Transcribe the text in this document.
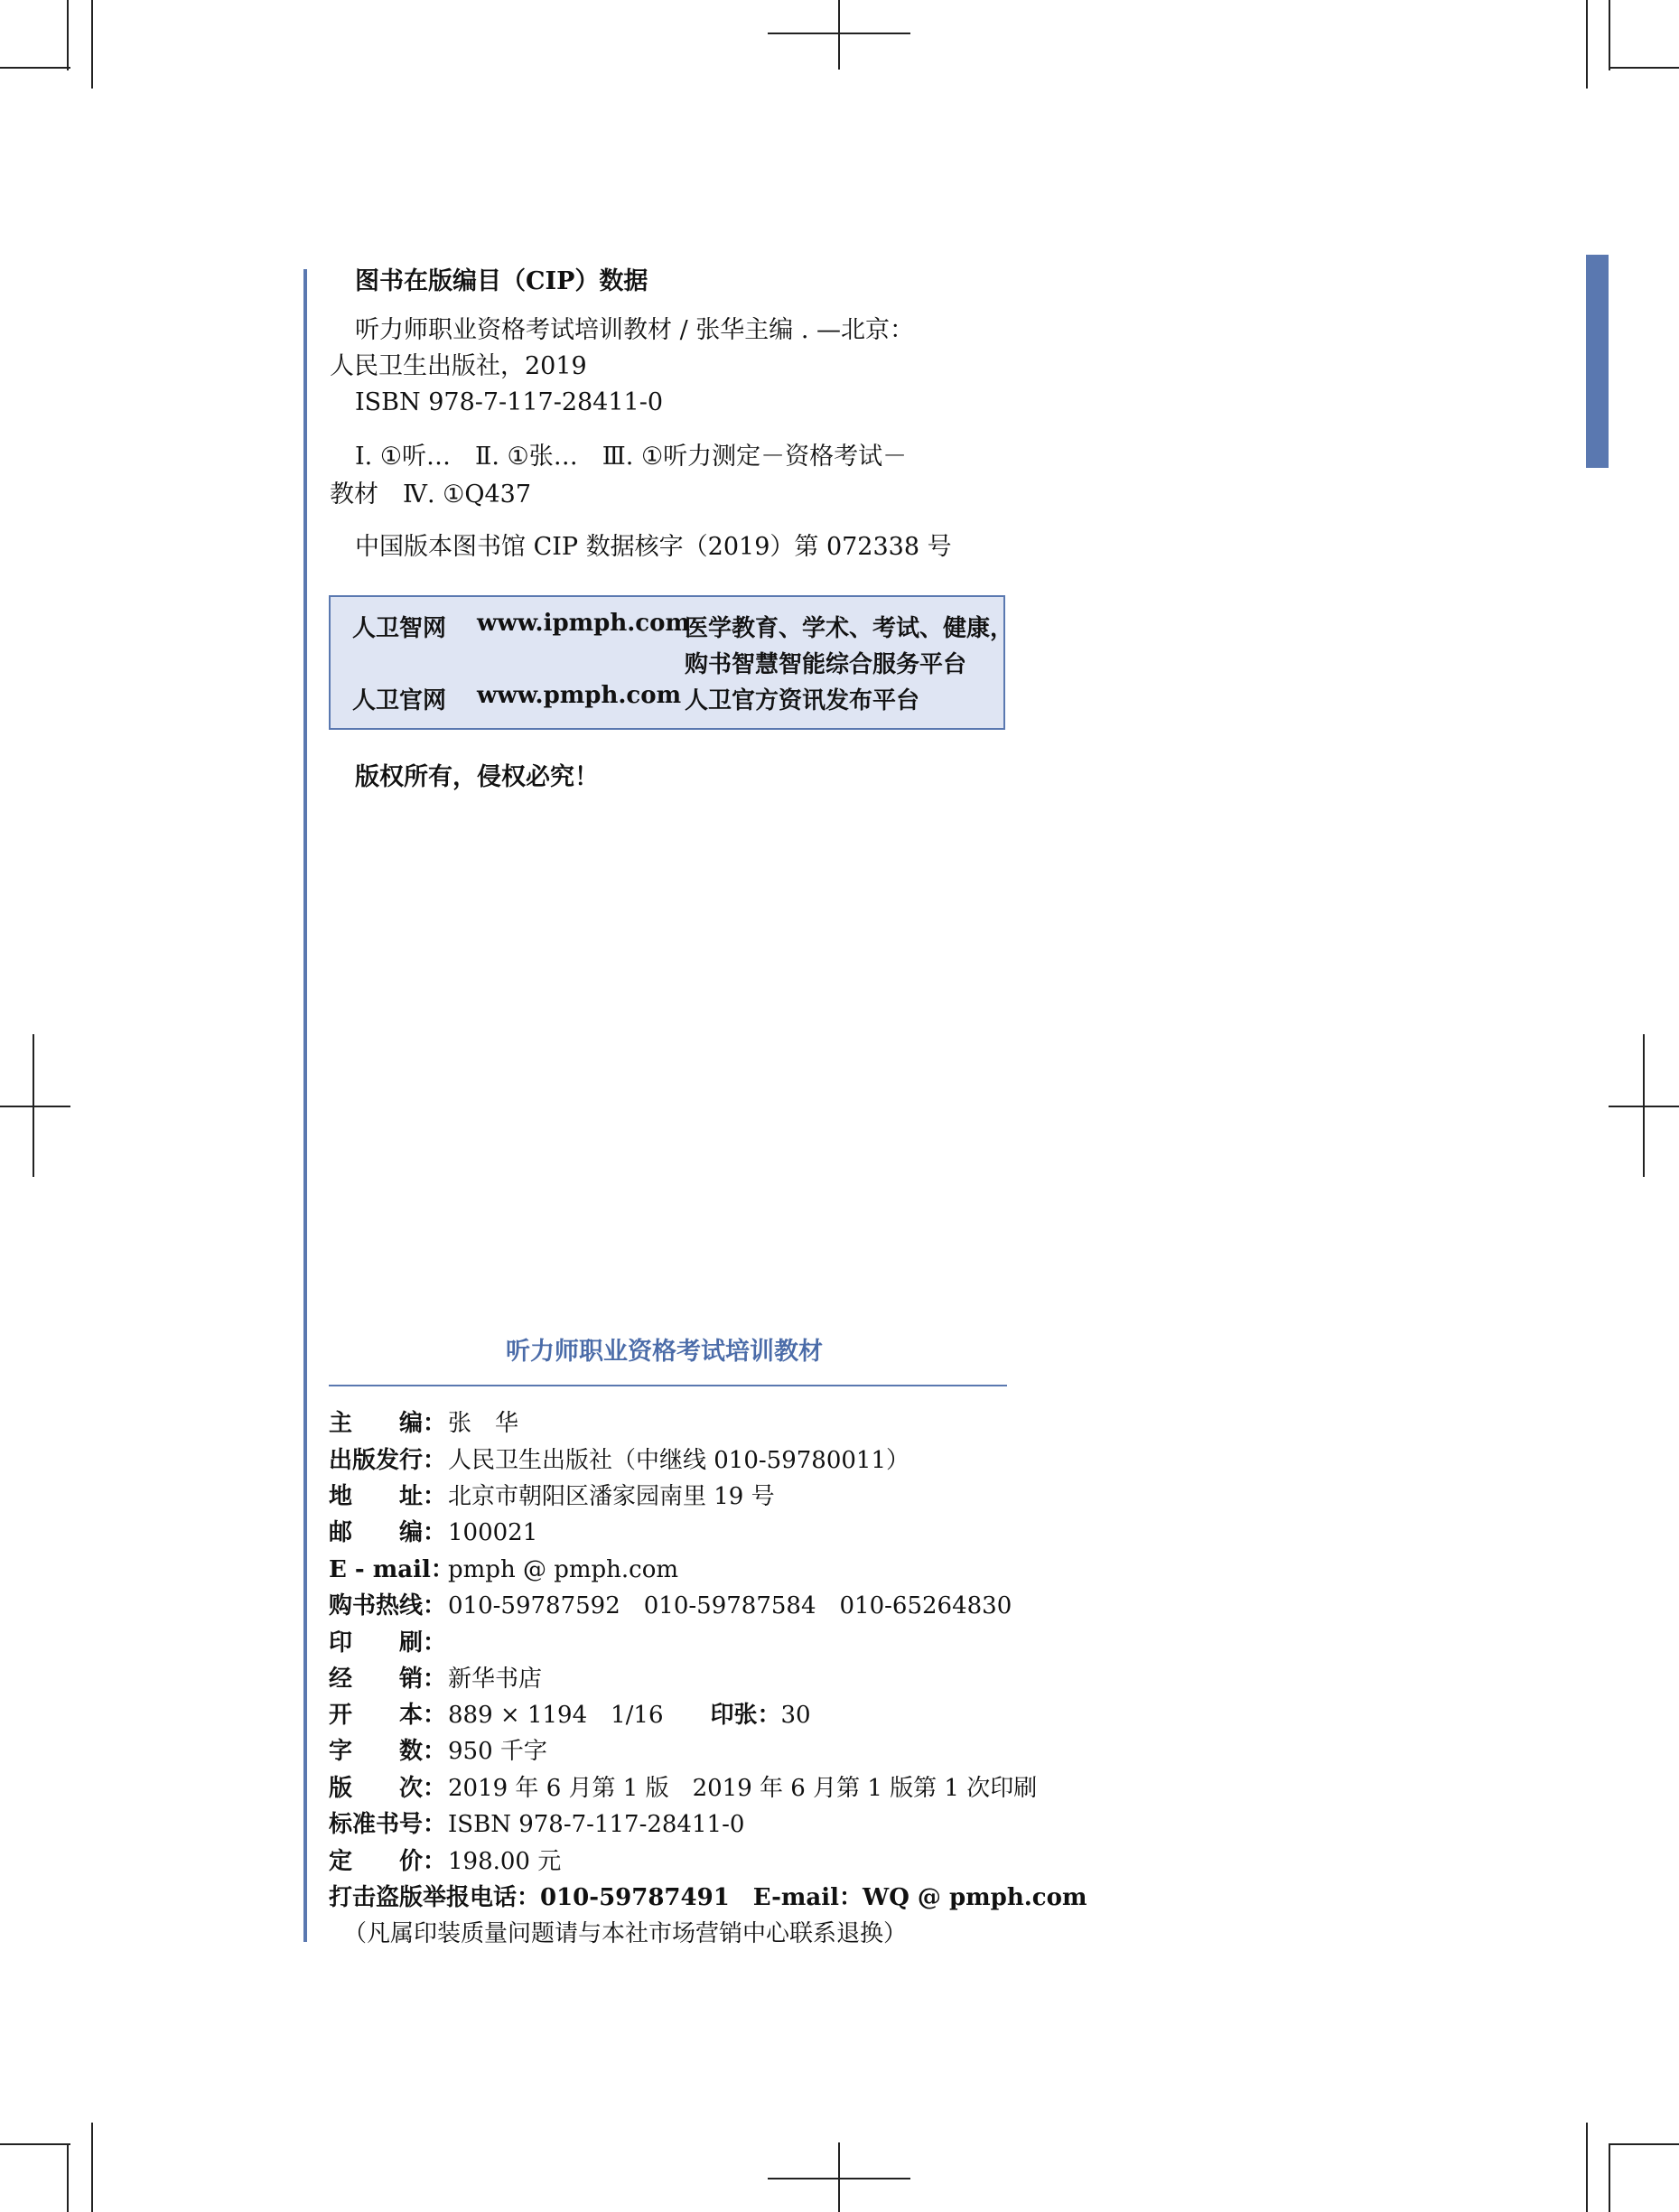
图书在版编目（CIP）数据
听力师职业资格考试培训教材 / 张华主编 . —北京：
人民卫生出版社，2019
ISBN 978-7-117-28411-0
Ⅰ. ①听…　Ⅱ. ①张…　Ⅲ. ①听力测定－资格考试－
教材　Ⅳ. ①Q437
中国版本图书馆 CIP 数据核字（2019）第 072338 号
人卫智网 www.ipmph.com
医学教育、学术、考试、健康，
购书智慧智能综合服务平台
人卫官网 www.pmph.com 人卫官方资讯发布平台
版权所有，侵权必究！
听力师职业资格考试培训教材
主　　编：张　华
出版发行：人民卫生出版社（中继线 010-59780011）
地　　址：北京市朝阳区潘家园南里 19 号
邮　　编：100021
E - mail：pmph @ pmph.com
购书热线：010-59787592　010-59787584　010-65264830
印　　刷：
经　　销：新华书店
开　　本：889 × 1194　1/16　　印张：30
字　　数：950 千字
版　　次：2019 年 6 月第 1 版　2019 年 6 月第 1 版第 1 次印刷
标准书号：ISBN 978-7-117-28411-0
定　　价：198.00 元
打击盗版举报电话：010-59787491　E-mail：WQ @ pmph.com
（凡属印装质量问题请与本社市场营销中心联系退换）
